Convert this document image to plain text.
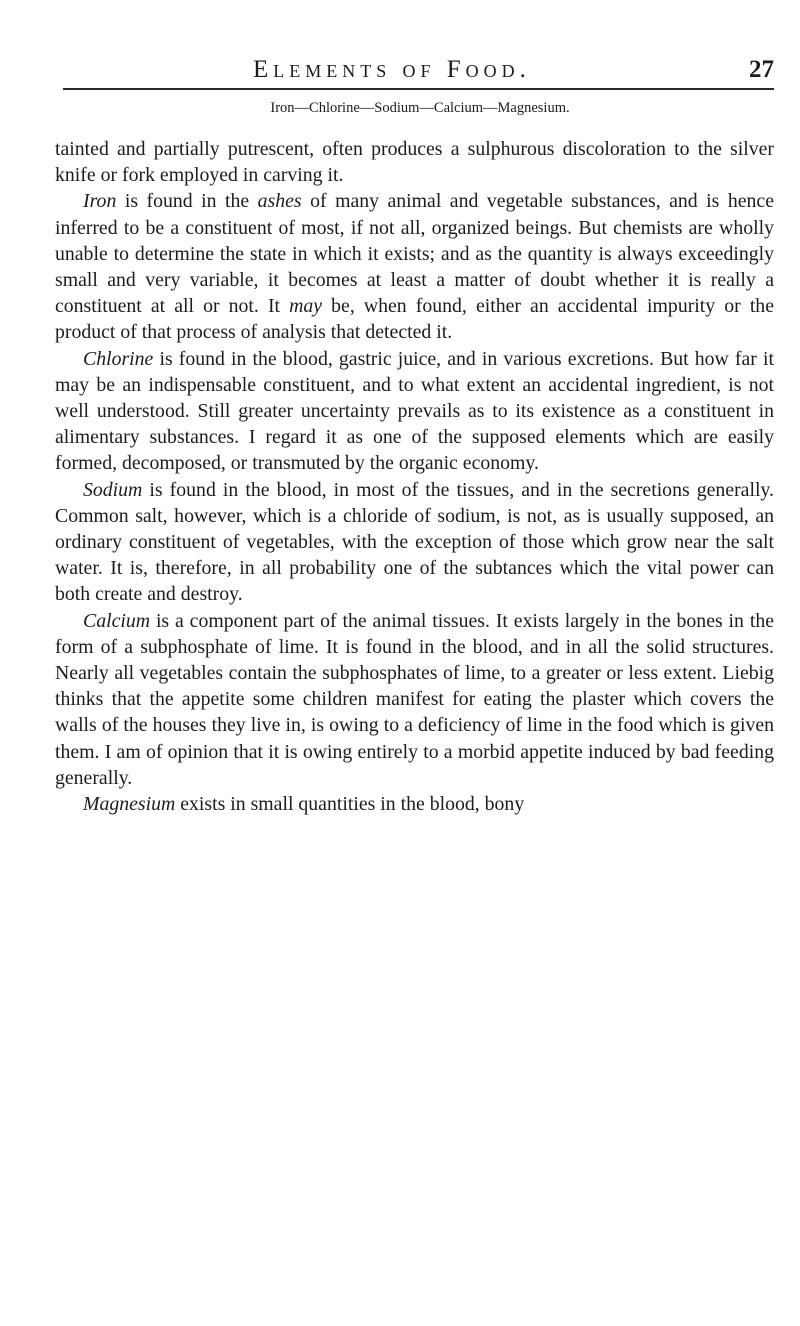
Elements of Food.	27
Iron—Chlorine—Sodium—Calcium—Magnesium.

tainted and partially putrescent, often produces a sulphurous discoloration to the silver knife or fork employed in carving it.

Iron is found in the ashes of many animal and vegetable substances, and is hence inferred to be a constituent of most, if not all, organized beings. But chemists are wholly unable to determine the state in which it exists; and as the quantity is always exceedingly small and very variable, it becomes at least a matter of doubt whether it is really a constituent at all or not. It may be, when found, either an accidental impurity or the product of that process of analysis that detected it.

Chlorine is found in the blood, gastric juice, and in various excretions. But how far it may be an indispensable constituent, and to what extent an accidental ingredient, is not well understood. Still greater uncertainty prevails as to its existence as a constituent in alimentary substances. I regard it as one of the supposed elements which are easily formed, decomposed, or transmuted by the organic economy.

Sodium is found in the blood, in most of the tissues, and in the secretions generally. Common salt, however, which is a chloride of sodium, is not, as is usually supposed, an ordinary constituent of vegetables, with the exception of those which grow near the salt water. It is, therefore, in all probability one of the subtances which the vital power can both create and destroy.

Calcium is a component part of the animal tissues. It exists largely in the bones in the form of a subphosphate of lime. It is found in the blood, and in all the solid structures. Nearly all vegetables contain the subphosphates of lime, to a greater or less extent. Liebig thinks that the appetite some children manifest for eating the plaster which covers the walls of the houses they live in, is owing to a deficiency of lime in the food which is given them. I am of opinion that it is owing entirely to a morbid appetite induced by bad feeding generally.

Magnesium exists in small quantities in the blood, bony
